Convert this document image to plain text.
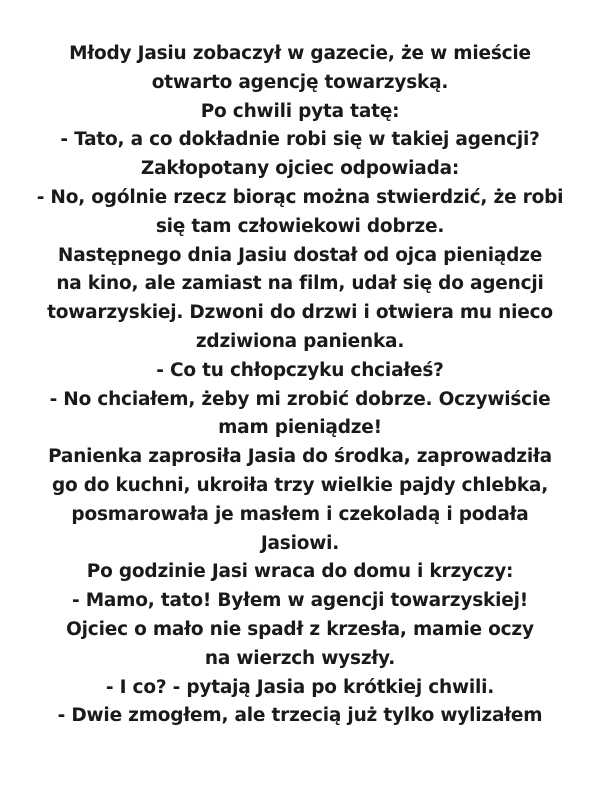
Młody Jasiu zobaczył w gazecie, że w mieście
otwarto agencję towarzyską.
Po chwili pyta tatę:
- Tato, a co dokładnie robi się w takiej agencji?
Zakłopotany ojciec odpowiada:
- No, ogólnie rzecz biorąc można stwierdzić, że robi
się tam człowiekowi dobrze.
Następnego dnia Jasiu dostał od ojca pieniądze
na kino, ale zamiast na film, udał się do agencji
towarzyskiej. Dzwoni do drzwi i otwiera mu nieco
zdziwiona panienka.
- Co tu chłopczyku chciałeś?
- No chciałem, żeby mi zrobić dobrze. Oczywiście
mam pieniądze!
Panienka zaprosiła Jasia do środka, zaprowadziła
go do kuchni, ukroiła trzy wielkie pajdy chlebka,
posmarowała je masłem i czekoladą i podała
Jasiowi.
Po godzinie Jasi wraca do domu i krzyczy:
- Mamo, tato! Byłem w agencji towarzyskiej!
Ojciec o mało nie spadł z krzesła, mamie oczy
na wierzch wyszły.
- I co? - pytają Jasia po krótkiej chwili.
- Dwie zmogłem, ale trzecią już tylko wylizałem
